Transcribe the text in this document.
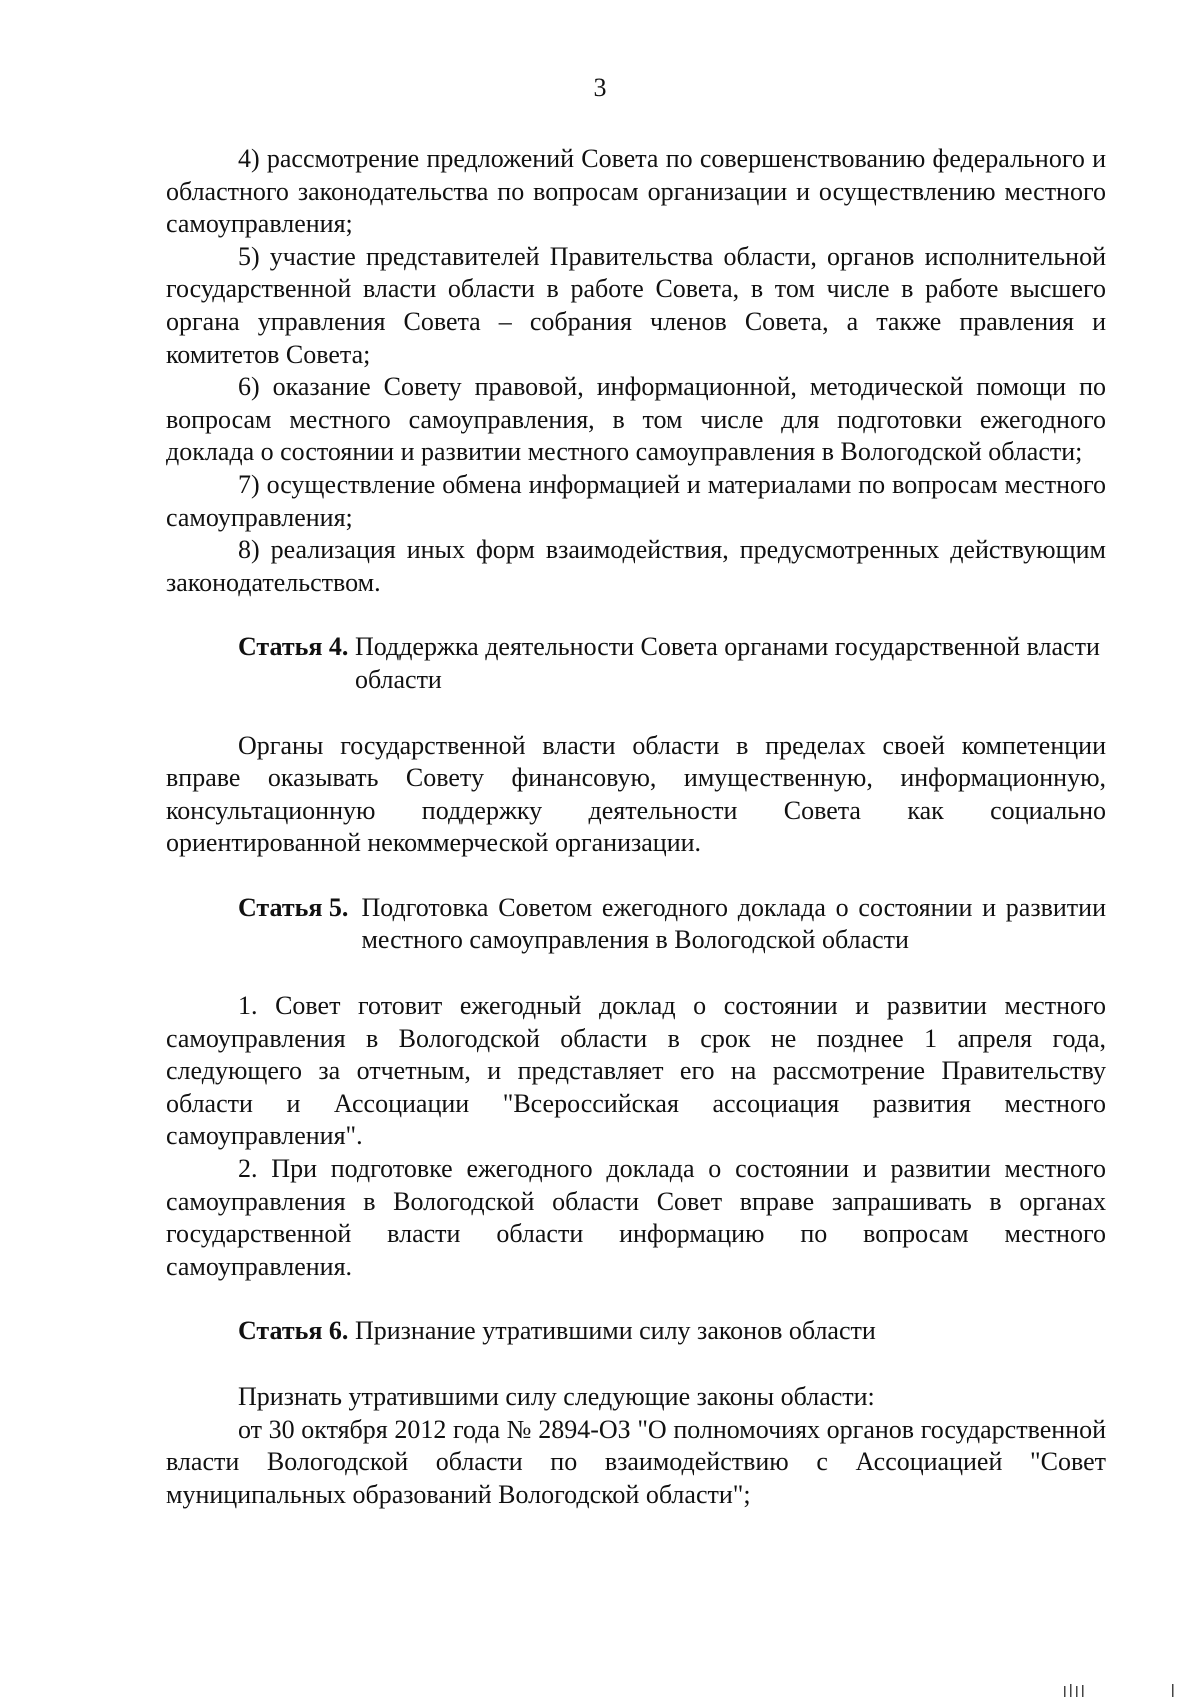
3

4) рассмотрение предложений Совета по совершенствованию федерального и областного законодательства по вопросам организации и осуществлению местного самоуправления;

5) участие представителей Правительства области, органов исполнительной государственной власти области в работе Совета, в том числе в работе высшего органа управления Совета – собрания членов Совета, а также правления и комитетов Совета;

6) оказание Совету правовой, информационной, методической помощи по вопросам местного самоуправления, в том числе для подготовки ежегодного доклада о состоянии и развитии местного самоуправления в Вологодской области;

7) осуществление обмена информацией и материалами по вопросам местного самоуправления;

8) реализация иных форм взаимодействия, предусмотренных действующим законодательством.

Статья 4.
Поддержка деятельности Совета органами государственной власти области

Органы государственной власти области в пределах своей компетенции вправе оказывать Совету финансовую, имущественную, информационную, консультационную поддержку деятельности Совета как социально ориентированной некоммерческой организации.

Статья 5.
Подготовка Советом ежегодного доклада о состоянии и развитии местного самоуправления в Вологодской области

1. Совет готовит ежегодный доклад о состоянии и развитии местного самоуправления в Вологодской области в срок не позднее 1 апреля года, следующего за отчетным, и представляет его на рассмотрение Правительству области и Ассоциации "Всероссийская ассоциация развития местного самоуправления".

2. При подготовке ежегодного доклада о состоянии и развитии местного самоуправления в Вологодской области Совет вправе запрашивать в органах государственной власти области информацию по вопросам местного самоуправления.

Статья 6.
Признание утратившими силу законов области

Признать утратившими силу следующие законы области:

от 30 октября 2012 года № 2894-ОЗ "О полномочиях органов государственной власти Вологодской области по взаимодействию с Ассоциацией "Совет муниципальных образований Вологодской области";
